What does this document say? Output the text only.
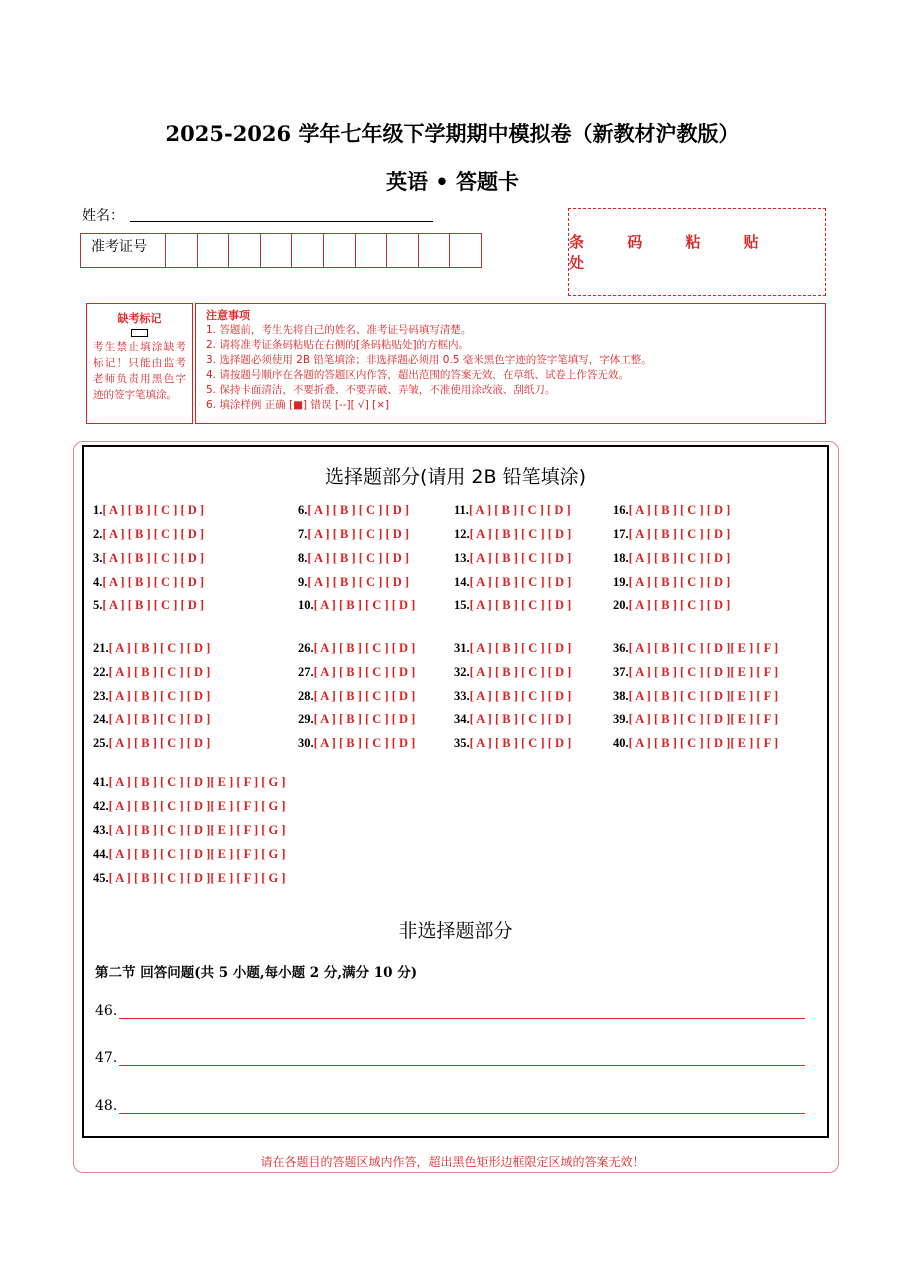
2025-2026 学年七年级下学期期中模拟卷（新教材沪教版）
英语 • 答题卡
姓名：
准考证号	条 码 粘 贴 处
缺考标记
考生禁止填涂缺考标记！只能由监考老师负责用黑色字迹的签字笔填涂。
注意事项
1. 答题前，考生先将自己的姓名、准考证号码填写清楚。
2. 请将准考证条码粘贴在右侧的[条码粘贴处]的方框内。
3. 选择题必须使用 2B 铅笔填涂；非选择题必须用 0.5 毫米黑色字迹的签字笔填写，字体工整。
4. 请按题号顺序在各题的答题区内作答，超出范围的答案无效，在草纸、试卷上作答无效。
5. 保持卡面清洁，不要折叠、不要弄破、弄皱，不准使用涂改液、刮纸刀。
6. 填涂样例 正确 [■] 错误 [--][ √] [×]
选择题部分(请用 2B 铅笔填涂)
1.[ A ] [ B ] [ C ] [ D ]
2.[ A ] [ B ] [ C ] [ D ]
3.[ A ] [ B ] [ C ] [ D ]
4.[ A ] [ B ] [ C ] [ D ]
5.[ A ] [ B ] [ C ] [ D ]
6.[ A ] [ B ] [ C ] [ D ]
7.[ A ] [ B ] [ C ] [ D ]
8.[ A ] [ B ] [ C ] [ D ]
9.[ A ] [ B ] [ C ] [ D ]
10.[ A ] [ B ] [ C ] [ D ]
11.[ A ] [ B ] [ C ] [ D ]
12.[ A ] [ B ] [ C ] [ D ]
13.[ A ] [ B ] [ C ] [ D ]
14.[ A ] [ B ] [ C ] [ D ]
15.[ A ] [ B ] [ C ] [ D ]
16.[ A ] [ B ] [ C ] [ D ]
17.[ A ] [ B ] [ C ] [ D ]
18.[ A ] [ B ] [ C ] [ D ]
19.[ A ] [ B ] [ C ] [ D ]
20.[ A ] [ B ] [ C ] [ D ]
21.[ A ] [ B ] [ C ] [ D ]
22.[ A ] [ B ] [ C ] [ D ]
23.[ A ] [ B ] [ C ] [ D ]
24.[ A ] [ B ] [ C ] [ D ]
25.[ A ] [ B ] [ C ] [ D ]
26.[ A ] [ B ] [ C ] [ D ]
27.[ A ] [ B ] [ C ] [ D ]
28.[ A ] [ B ] [ C ] [ D ]
29.[ A ] [ B ] [ C ] [ D ]
30.[ A ] [ B ] [ C ] [ D ]
31.[ A ] [ B ] [ C ] [ D ]
32.[ A ] [ B ] [ C ] [ D ]
33.[ A ] [ B ] [ C ] [ D ]
34.[ A ] [ B ] [ C ] [ D ]
35.[ A ] [ B ] [ C ] [ D ]
36.[ A ] [ B ] [ C ] [ D ][ E ] [ F ]
37.[ A ] [ B ] [ C ] [ D ][ E ] [ F ]
38.[ A ] [ B ] [ C ] [ D ][ E ] [ F ]
39.[ A ] [ B ] [ C ] [ D ][ E ] [ F ]
40.[ A ] [ B ] [ C ] [ D ][ E ] [ F ]
41.[ A ] [ B ] [ C ] [ D ][ E ] [ F ] [ G ]
42.[ A ] [ B ] [ C ] [ D ][ E ] [ F ] [ G ]
43.[ A ] [ B ] [ C ] [ D ][ E ] [ F ] [ G ]
44.[ A ] [ B ] [ C ] [ D ][ E ] [ F ] [ G ]
45.[ A ] [ B ] [ C ] [ D ][ E ] [ F ] [ G ]
非选择题部分
第二节 回答问题(共 5 小题,每小题 2 分,满分 10 分)
46.
47.
48.
请在各题目的答题区域内作答，超出黑色矩形边框限定区域的答案无效！
